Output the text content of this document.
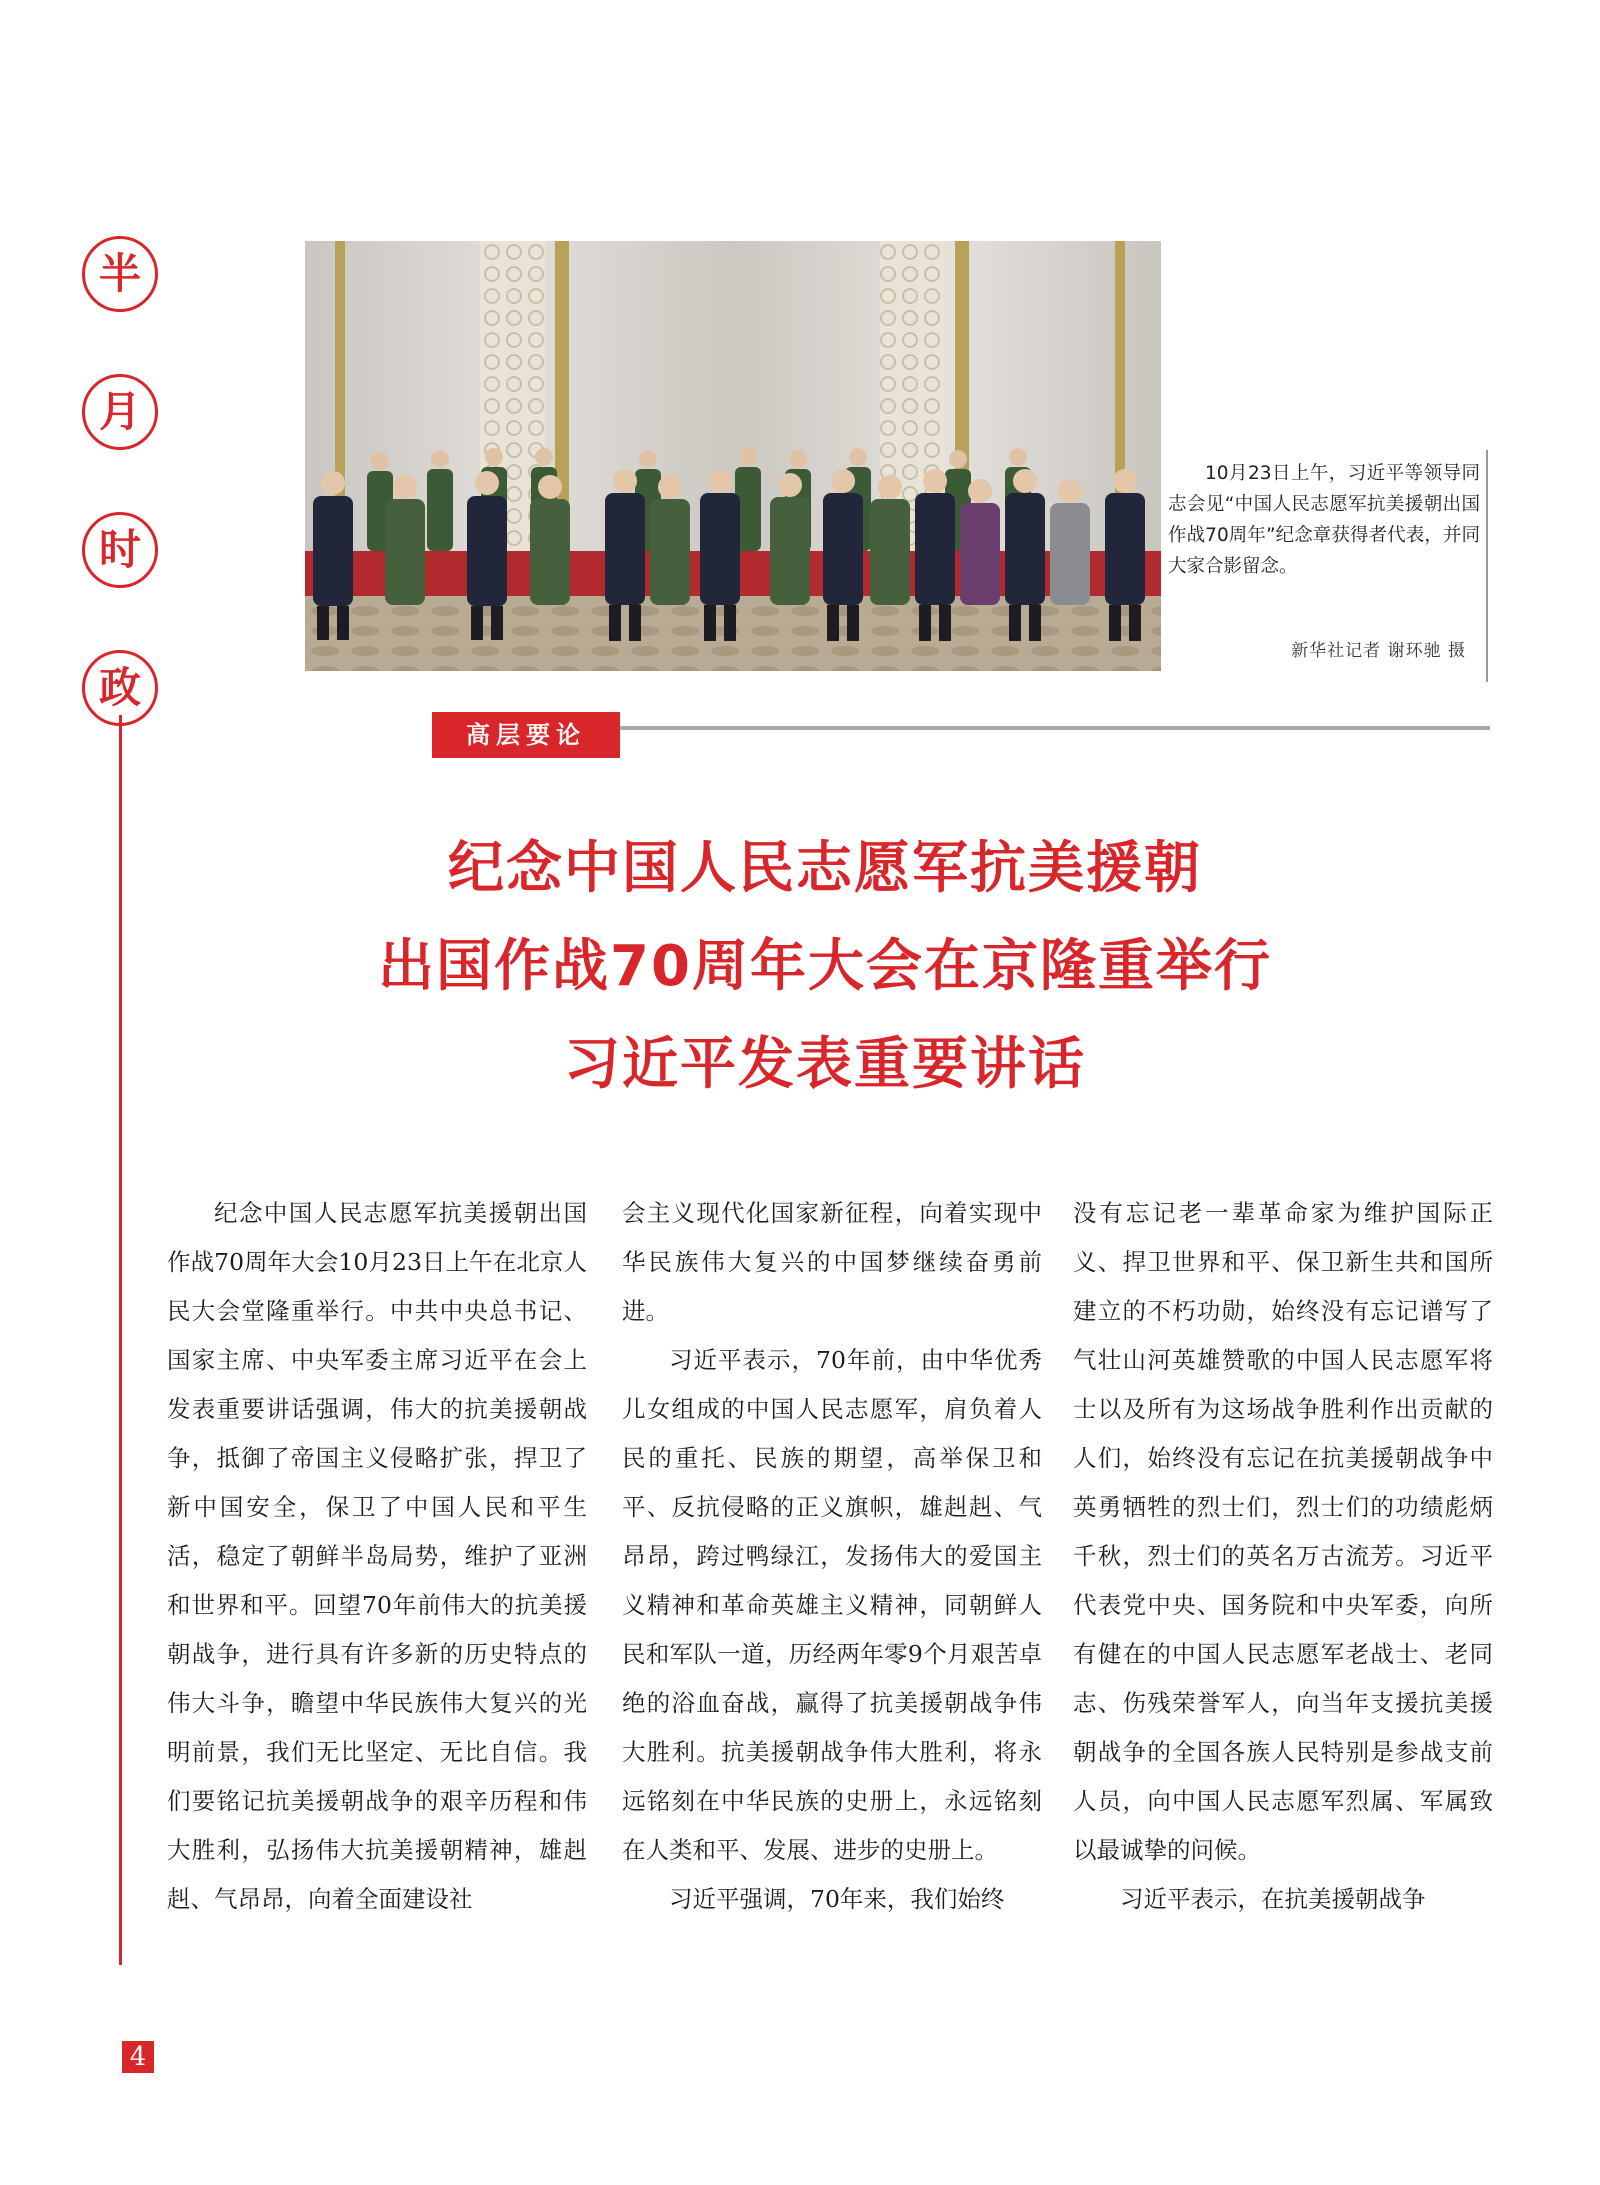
半
月
时
政
4
10月23日上午，习近平等领导同志会见“中国人民志愿军抗美援朝出国作战70周年”纪念章获得者代表，并同大家合影留念。
新华社记者 谢环驰 摄
高层要论
纪念中国人民志愿军抗美援朝
出国作战70周年大会在京隆重举行
习近平发表重要讲话

纪念中国人民志愿军抗美援朝出国作战70周年大会10月23日上午在北京人民大会堂隆重举行。中共中央总书记、国家主席、中央军委主席习近平在会上发表重要讲话强调，伟大的抗美援朝战争，抵御了帝国主义侵略扩张，捍卫了新中国安全，保卫了中国人民和平生活，稳定了朝鲜半岛局势，维护了亚洲和世界和平。回望70年前伟大的抗美援朝战争，进行具有许多新的历史特点的伟大斗争，瞻望中华民族伟大复兴的光明前景，我们无比坚定、无比自信。我们要铭记抗美援朝战争的艰辛历程和伟大胜利，弘扬伟大抗美援朝精神，雄赳赳、气昂昂，向着全面建设社

会主义现代化国家新征程，向着实现中华民族伟大复兴的中国梦继续奋勇前进。

习近平表示，70年前，由中华优秀儿女组成的中国人民志愿军，肩负着人民的重托、民族的期望，高举保卫和平、反抗侵略的正义旗帜，雄赳赳、气昂昂，跨过鸭绿江，发扬伟大的爱国主义精神和革命英雄主义精神，同朝鲜人民和军队一道，历经两年零9个月艰苦卓绝的浴血奋战，赢得了抗美援朝战争伟大胜利。抗美援朝战争伟大胜利，将永远铭刻在中华民族的史册上，永远铭刻在人类和平、发展、进步的史册上。

习近平强调，70年来，我们始终

没有忘记老一辈革命家为维护国际正义、捍卫世界和平、保卫新生共和国所建立的不朽功勋，始终没有忘记谱写了气壮山河英雄赞歌的中国人民志愿军将士以及所有为这场战争胜利作出贡献的人们，始终没有忘记在抗美援朝战争中英勇牺牲的烈士们，烈士们的功绩彪炳千秋，烈士们的英名万古流芳。习近平代表党中央、国务院和中央军委，向所有健在的中国人民志愿军老战士、老同志、伤残荣誉军人，向当年支援抗美援朝战争的全国各族人民特别是参战支前人员，向中国人民志愿军烈属、军属致以最诚挚的问候。

习近平表示，在抗美援朝战争
